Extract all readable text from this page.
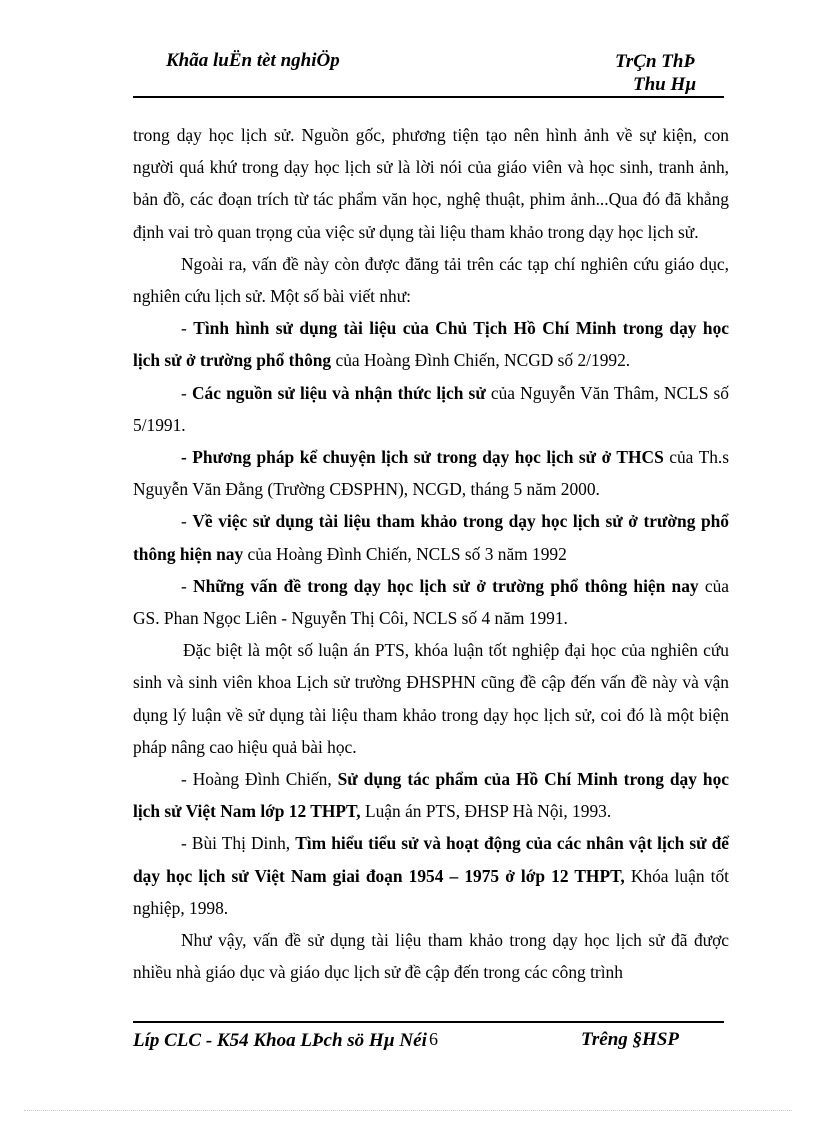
Khãa luËn tèt nghiÖp	TrÇn ThÞ
Thu Hµ

trong dạy học lịch sử. Nguồn gốc, phương tiện tạo nên hình ảnh về sự kiện, con người quá khứ trong dạy học lịch sử là lời nói của giáo viên và học sinh, tranh ảnh, bản đồ, các đoạn trích từ tác phẩm văn học, nghệ thuật, phim ảnh...Qua đó đã khẳng định vai trò quan trọng của việc sử dụng tài liệu tham khảo trong dạy học lịch sử.

Ngoài ra, vấn đề này còn được đăng tải trên các tạp chí nghiên cứu giáo dục, nghiên cứu lịch sử. Một số bài viết như:

- Tình hình sử dụng tài liệu của Chủ Tịch Hồ Chí Minh trong dạy học lịch sử ở trường phổ thông của Hoàng Đình Chiến, NCGD số 2/1992.

- Các nguồn sử liệu và nhận thức lịch sử của Nguyễn Văn Thâm, NCLS số 5/1991.

- Phương pháp kể chuyện lịch sử trong dạy học lịch sử ở THCS của Th.s Nguyễn Văn Đằng (Trường CĐSPHN), NCGD, tháng 5 năm 2000.

- Về việc sử dụng tài liệu tham khảo trong dạy học lịch sử ở trường phổ thông hiện nay của Hoàng Đình Chiến, NCLS số 3 năm 1992

- Những vấn đề trong dạy học lịch sử ở trường phổ thông hiện nay của GS. Phan Ngọc Liên - Nguyễn Thị Côi, NCLS số 4 năm 1991.

Đặc biệt là một số luận án PTS, khóa luận tốt nghiệp đại học của nghiên cứu sinh và sinh viên khoa Lịch sử trường ĐHSPHN cũng đề cập đến vấn đề này và vận dụng lý luận về sử dụng tài liệu tham khảo trong dạy học lịch sử, coi đó là một biện pháp nâng cao hiệu quả bài học.

- Hoàng Đình Chiến, Sử dụng tác phẩm của Hồ Chí Minh trong dạy học lịch sử Việt Nam lớp 12 THPT, Luận án PTS, ĐHSP Hà Nội, 1993.

- Bùi Thị Dinh, Tìm hiểu tiểu sử và hoạt động của các nhân vật lịch sử để dạy học lịch sử Việt Nam giai đoạn 1954 – 1975 ở lớp 12 THPT, Khóa luận tốt nghiệp, 1998.

Như vậy, vấn đề sử dụng tài liệu tham khảo trong dạy học lịch sử đã được nhiều nhà giáo dục và giáo dục lịch sử đề cập đến trong các công trình

Líp CLC - K54 Khoa LÞch sö Hµ Néi 6	Trêng §HSP
